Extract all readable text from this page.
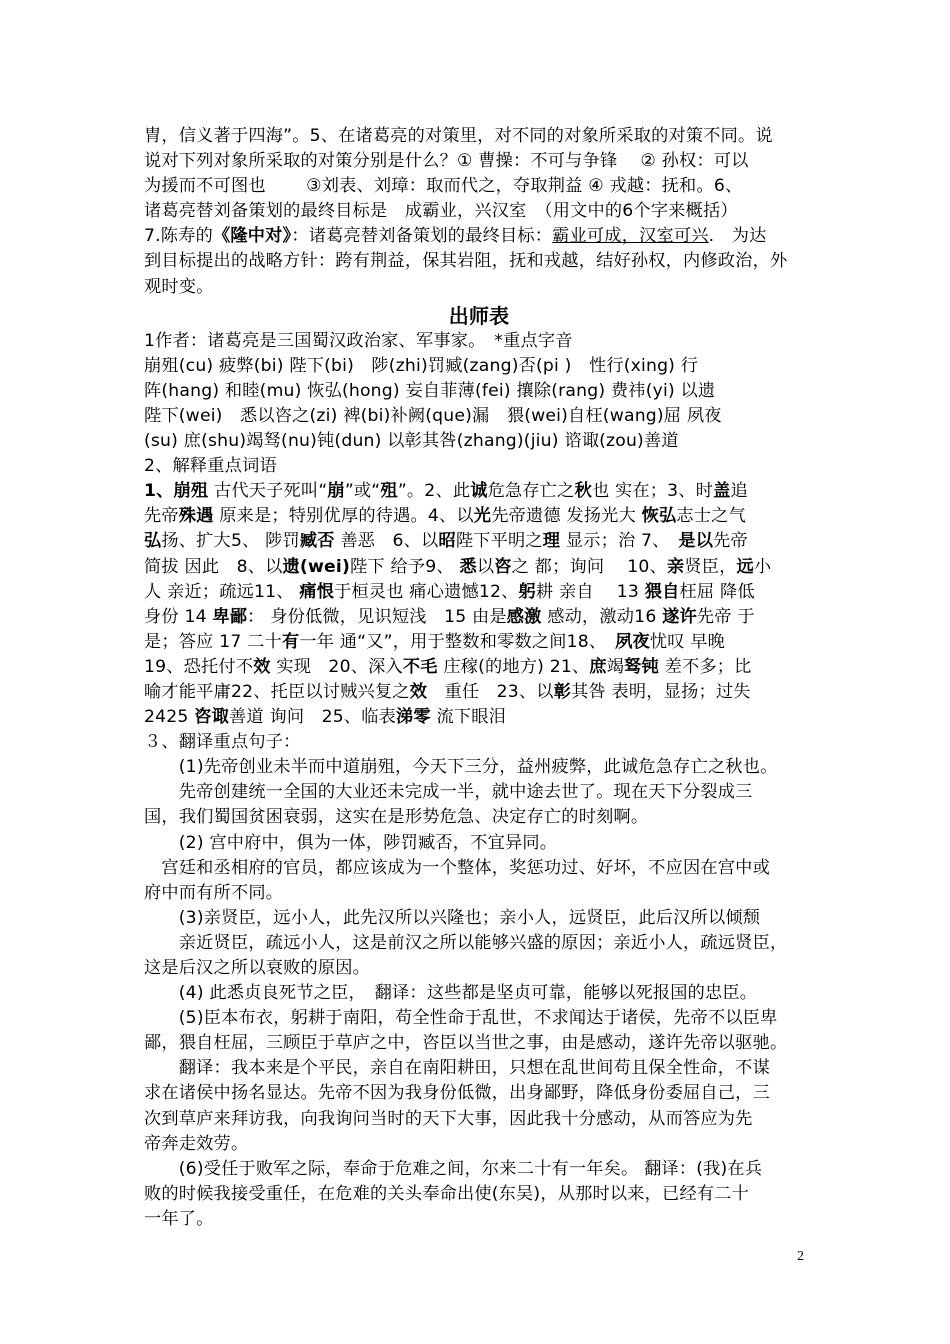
胄，信义著于四海”。5、在诸葛亮的对策里，对不同的对象所采取的对策不同。说
说对下列对象所采取的对策分别是什么？① 曹操：不可与争锋　 ② 孙权：可以
为援而不可图也　　 ③刘表、刘璋：取而代之，夺取荆益 ④ 戎越：抚和。6、
诸葛亮替刘备策划的最终目标是　成霸业，兴汉室　（用文中的6个字来概括）
7.陈寿的《隆中对》：诸葛亮替刘备策划的最终目标：霸业可成，汉室可兴.　为达
到目标提出的战略方针：跨有荆益，保其岩阻，抚和戎越，结好孙权，内修政治，外
观时变。
出师表
1作者：诸葛亮是三国蜀汉政治家、军事家。　*重点字音
崩殂(cu) 疲弊(bi) 陛下(bi)　陟(zhi)罚臧(zang)否(pi )　性行(xing) 行
阵(hang) 和睦(mu) 恢弘(hong) 妄自菲薄(fei) 攘除(rang) 费祎(yi) 以遗
陛下(wei)　悉以咨之(zi) 裨(bi)补阙(que)漏　猥(wei)自枉(wang)屈 夙夜
(su) 庶(shu)竭驽(nu)钝(dun) 以彰其咎(zhang)(jiu) 谘诹(zou)善道
2、解释重点词语
1、崩殂 古代天子死叫“崩”或“殂”。2、此诚危急存亡之秋也 实在；3、时盖追
先帝殊遇 原来是；特别优厚的待遇。4、以光先帝遗德 发扬光大 恢弘志士之气
弘扬、扩大5、 陟罚臧否 善恶　6、以昭陛下平明之理 显示；治 7、　是以先帝
简拔 因此　8、以遗(wei)陛下 给予9、 悉以咨之 都；询问　 10、亲贤臣，远小
人 亲近；疏远11、 痛恨于桓灵也 痛心遗憾12、躬耕 亲自　 13 猥自枉屈 降低
身份 14 卑鄙： 身份低微，见识短浅　15 由是感激 感动，激动16 遂许先帝 于
是；答应 17 二十有一年 通“又”，用于整数和零数之间18、　夙夜忧叹 早晚
19、恐托付不效 实现　20、深入不毛 庄稼(的地方) 21、庶竭驽钝 差不多；比
喻才能平庸22、托臣以讨贼兴复之效　重任　23、以彰其咎 表明，显扬；过失
2425 咨诹善道 询问　25、临表涕零 流下眼泪
３、翻译重点句子：
　　(1)先帝创业未半而中道崩殂，今天下三分，益州疲弊，此诚危急存亡之秋也。
　　先帝创建统一全国的大业还未完成一半，就中途去世了。现在天下分裂成三
国，我们蜀国贫困衰弱，这实在是形势危急、决定存亡的时刻啊。
　　(2) 宫中府中，俱为一体，陟罚臧否，不宜异同。
　宫廷和丞相府的官员，都应该成为一个整体，奖惩功过、好坏，不应因在宫中或
府中而有所不同。
　　(3)亲贤臣，远小人，此先汉所以兴隆也；亲小人，远贤臣，此后汉所以倾颓
　　亲近贤臣，疏远小人，这是前汉之所以能够兴盛的原因；亲近小人，疏远贤臣，
这是后汉之所以衰败的原因。
　　(4) 此悉贞良死节之臣，　翻译：这些都是坚贞可靠，能够以死报国的忠臣。
　　(5)臣本布衣，躬耕于南阳，苟全性命于乱世，不求闻达于诸侯，先帝不以臣卑
鄙，猥自枉屈，三顾臣于草庐之中，咨臣以当世之事，由是感动，遂许先帝以驱驰。
　　翻译：我本来是个平民，亲自在南阳耕田，只想在乱世间苟且保全性命，不谋
求在诸侯中扬名显达。先帝不因为我身份低微，出身鄙野，降低身份委屈自己，三
次到草庐来拜访我，向我询问当时的天下大事，因此我十分感动，从而答应为先
帝奔走效劳。
　　(6)受任于败军之际，奉命于危难之间，尔来二十有一年矣。 翻译：(我)在兵
败的时候我接受重任，在危难的关头奉命出使(东吴)，从那时以来，已经有二十
一年了。
2
